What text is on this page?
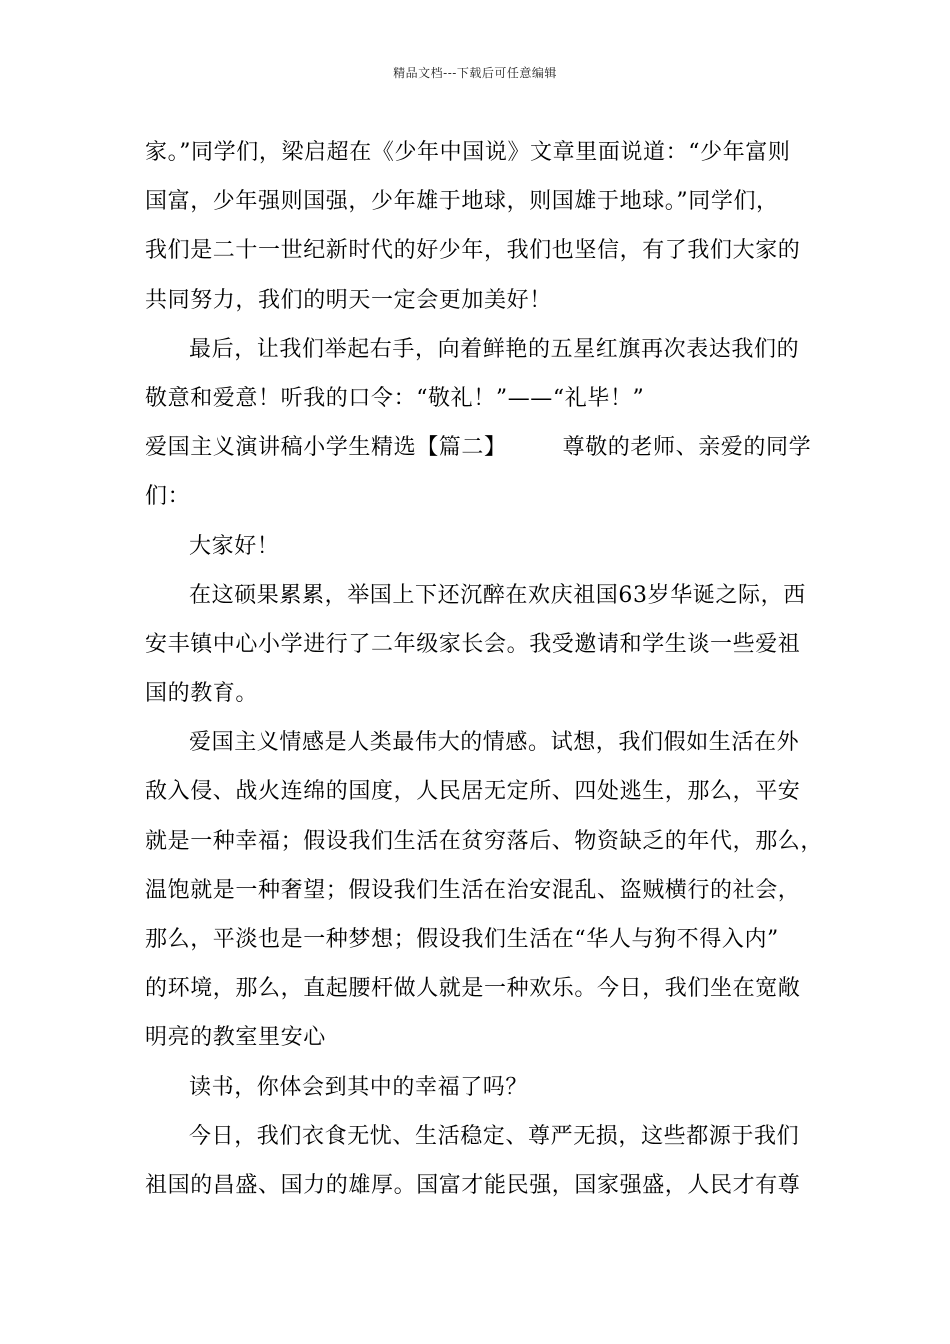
精品文档---下载后可任意编辑
家。”同学们，梁启超在《少年中国说》文章里面说道：“少年富则
国富，少年强则国强，少年雄于地球，则国雄于地球。”同学们，
我们是二十一世纪新时代的好少年，我们也坚信，有了我们大家的
共同努力，我们的明天一定会更加美好！
最后，让我们举起右手，向着鲜艳的五星红旗再次表达我们的
敬意和爱意！听我的口令：“敬礼！”——“礼毕！”
爱国主义演讲稿小学生精选【篇二】	尊敬的老师、亲爱的同学
们：
大家好！
在这硕果累累，举国上下还沉醉在欢庆祖国63岁华诞之际，西
安丰镇中心小学进行了二年级家长会。我受邀请和学生谈一些爱祖
国的教育。
爱国主义情感是人类最伟大的情感。试想，我们假如生活在外
敌入侵、战火连绵的国度，人民居无定所、四处逃生，那么，平安
就是一种幸福；假设我们生活在贫穷落后、物资缺乏的年代，那么，
温饱就是一种奢望；假设我们生活在治安混乱、盗贼横行的社会，
那么，平淡也是一种梦想；假设我们生活在“华人与狗不得入内”
的环境，那么，直起腰杆做人就是一种欢乐。今日，我们坐在宽敞
明亮的教室里安心
读书，你体会到其中的幸福了吗？
今日，我们衣食无忧、生活稳定、尊严无损，这些都源于我们
祖国的昌盛、国力的雄厚。国富才能民强，国家强盛，人民才有尊
